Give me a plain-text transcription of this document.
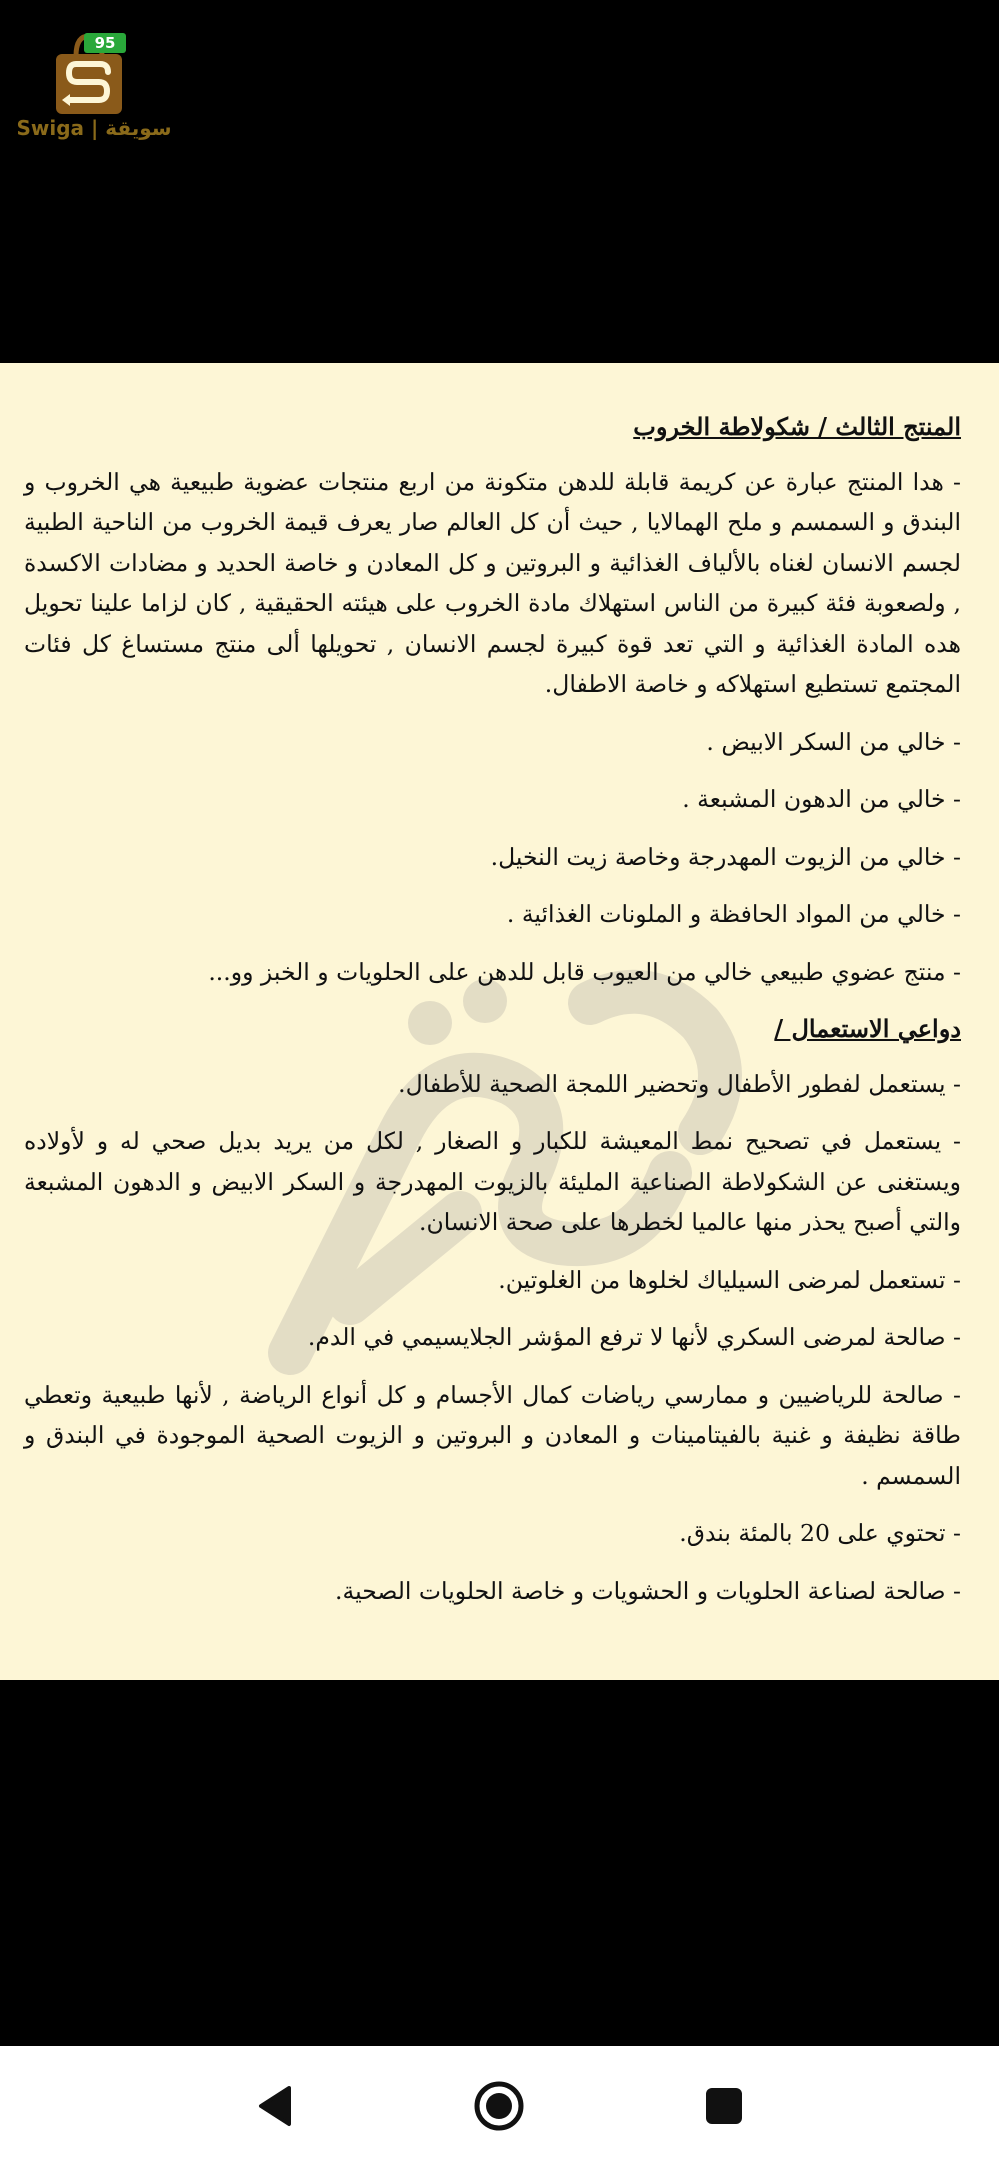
95
Swiga | سويقة

المنتج الثالث / شكولاطة الخروب

- هدا المنتج عبارة عن كريمة قابلة للدهن متكونة من اربع منتجات عضوية طبيعية هي الخروب و البندق و السمسم و ملح الهمالايا , حيث أن كل العالم صار يعرف قيمة الخروب من الناحية الطبية لجسم الانسان لغناه بالألياف الغذائية و البروتين و كل المعادن و خاصة الحديد و مضادات الاكسدة , ولصعوبة فئة كبيرة من الناس استهلاك مادة الخروب على هيئته الحقيقية , كان لزاما علينا تحويل هده المادة الغذائية و التي تعد قوة كبيرة لجسم الانسان , تحويلها ألى منتج مستساغ كل فئات المجتمع تستطيع استهلاكه و خاصة الاطفال.

- خالي من السكر الابيض .

- خالي من الدهون المشبعة .

- خالي من الزيوت المهدرجة وخاصة زيت النخيل.

- خالي من المواد الحافظة و الملونات الغذائية .

- منتج عضوي طبيعي خالي من العيوب قابل للدهن على الحلويات و الخبز وو...

دواعي الاستعمال /

- يستعمل لفطور الأطفال وتحضير اللمجة الصحية للأطفال.

- يستعمل في تصحيح نمط المعيشة للكبار و الصغار , لكل من يريد بديل صحي له و لأولاده ويستغنى عن الشكولاطة الصناعية المليئة بالزيوت المهدرجة و السكر الابيض و الدهون المشبعة والتي أصبح يحذر منها عالميا لخطرها على صحة الانسان.

- تستعمل لمرضى السيلياك لخلوها من الغلوتين.

- صالحة لمرضى السكري لأنها لا ترفع المؤشر الجلايسيمي في الدم.

- صالحة للرياضيين و ممارسي رياضات كمال الأجسام و كل أنواع الرياضة , لأنها طبيعية وتعطي طاقة نظيفة و غنية بالفيتامينات و المعادن و البروتين و الزيوت الصحية الموجودة في البندق و السمسم .

- تحتوي على 20 بالمئة بندق.

- صالحة لصناعة الحلويات و الحشويات و خاصة الحلويات الصحية.
